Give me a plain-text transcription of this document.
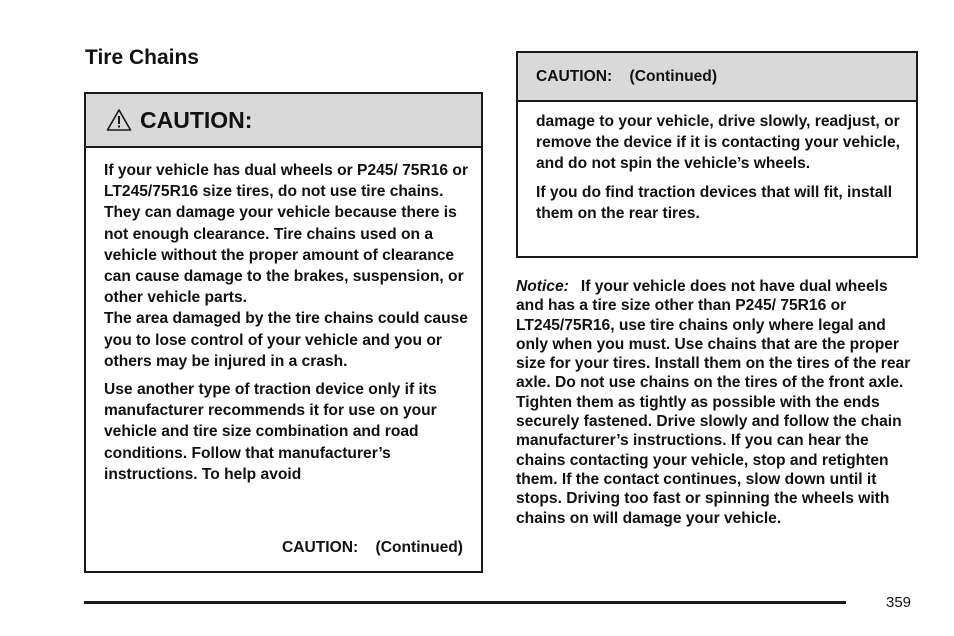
Tire Chains
CAUTION:

If your vehicle has dual wheels or P245/ 75R16 or LT245/75R16 size tires, do not use tire chains. They can damage your vehicle because there is not enough clearance. Tire chains used on a vehicle without the proper amount of clearance can cause damage to the brakes, suspension, or other vehicle parts.

The area damaged by the tire chains could cause you to lose control of your vehicle and you or others may be injured in a crash.

Use another type of traction device only if its manufacturer recommends it for use on your vehicle and tire size combination and road conditions. Follow that manufacturer’s instructions. To help avoid

CAUTION:    (Continued)
CAUTION:    (Continued)

damage to your vehicle, drive slowly, readjust, or remove the device if it is contacting your vehicle, and do not spin the vehicle’s wheels.

If you do find traction devices that will fit, install them on the rear tires.

Notice: If your vehicle does not have dual wheels and has a tire size other than P245/ 75R16 or LT245/75R16, use tire chains only where legal and only when you must. Use chains that are the proper size for your tires. Install them on the tires of the rear axle. Do not use chains on the tires of the front axle. Tighten them as tightly as possible with the ends securely fastened. Drive slowly and follow the chain manufacturer’s instructions. If you can hear the chains contacting your vehicle, stop and retighten them. If the contact continues, slow down until it stops. Driving too fast or spinning the wheels with chains on will damage your vehicle.

359
